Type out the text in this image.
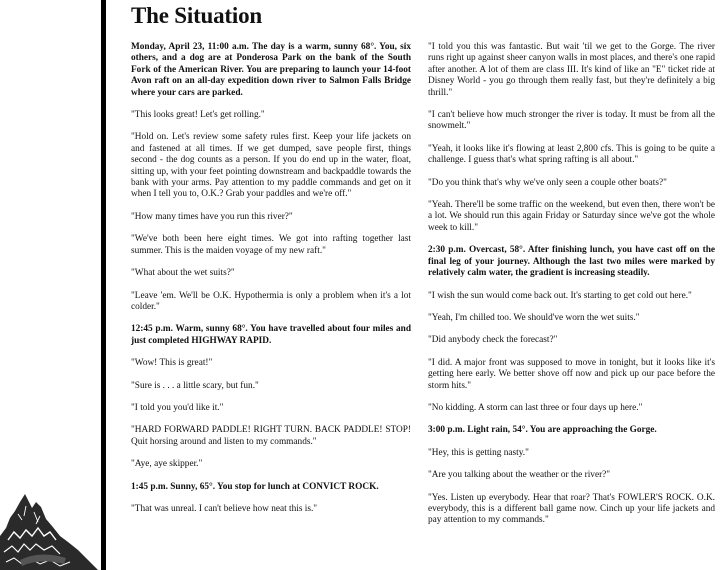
The Situation

Monday, April 23, 11:00 a.m. The day is a warm, sunny 68°. You, six others, and a dog are at Ponderosa Park on the bank of the South Fork of the American River. You are preparing to launch your 14-foot Avon raft on an all-day expedition down river to Salmon Falls Bridge where your cars are parked.

"This looks great! Let's get rolling."

"Hold on. Let's review some safety rules first. Keep your life jackets on and fastened at all times. If we get dumped, save people first, things second - the dog counts as a person. If you do end up in the water, float, sitting up, with your feet pointing downstream and backpaddle towards the bank with your arms. Pay attention to my paddle commands and get on it when I tell you to, O.K.? Grab your paddles and we're off."

"How many times have you run this river?"

"We've both been here eight times. We got into rafting together last summer. This is the maiden voyage of my new raft."

"What about the wet suits?"

"Leave 'em. We'll be O.K. Hypothermia is only a problem when it's a lot colder."

12:45 p.m. Warm, sunny 68°. You have travelled about four miles and just completed HIGHWAY RAPID.

"Wow! This is great!"

"Sure is . . . a little scary, but fun."

"I told you you'd like it."

"HARD FORWARD PADDLE! RIGHT TURN. BACK PADDLE! STOP! Quit horsing around and listen to my commands."

"Aye, aye skipper."

1:45 p.m. Sunny, 65°. You stop for lunch at CONVICT ROCK.

"That was unreal. I can't believe how neat this is."

"I told you this was fantastic. But wait 'til we get to the Gorge. The river runs right up against sheer canyon walls in most places, and there's one rapid after another. A lot of them are class III. It's kind of like an "E" ticket ride at Disney World - you go through them really fast, but they're definitely a big thrill."

"I can't believe how much stronger the river is today. It must be from all the snowmelt."

"Yeah, it looks like it's flowing at least 2,800 cfs. This is going to be quite a challenge. I guess that's what spring rafting is all about."

"Do you think that's why we've only seen a couple other boats?"

"Yeah. There'll be some traffic on the weekend, but even then, there won't be a lot. We should run this again Friday or Saturday since we've got the whole week to kill."

2:30 p.m. Overcast, 58°. After finishing lunch, you have cast off on the final leg of your journey. Although the last two miles were marked by relatively calm water, the gradient is increasing steadily.

"I wish the sun would come back out. It's starting to get cold out here."

"Yeah, I'm chilled too. We should've worn the wet suits."

"Did anybody check the forecast?"

"I did. A major front was supposed to move in tonight, but it looks like it's getting here early. We better shove off now and pick up our pace before the storm hits."

"No kidding. A storm can last three or four days up here."

3:00 p.m. Light rain, 54°. You are approaching the Gorge.

"Hey, this is getting nasty."

"Are you talking about the weather or the river?"

"Yes. Listen up everybody. Hear that roar? That's FOWLER'S ROCK. O.K. everybody, this is a different ball game now. Cinch up your life jackets and pay attention to my commands."
